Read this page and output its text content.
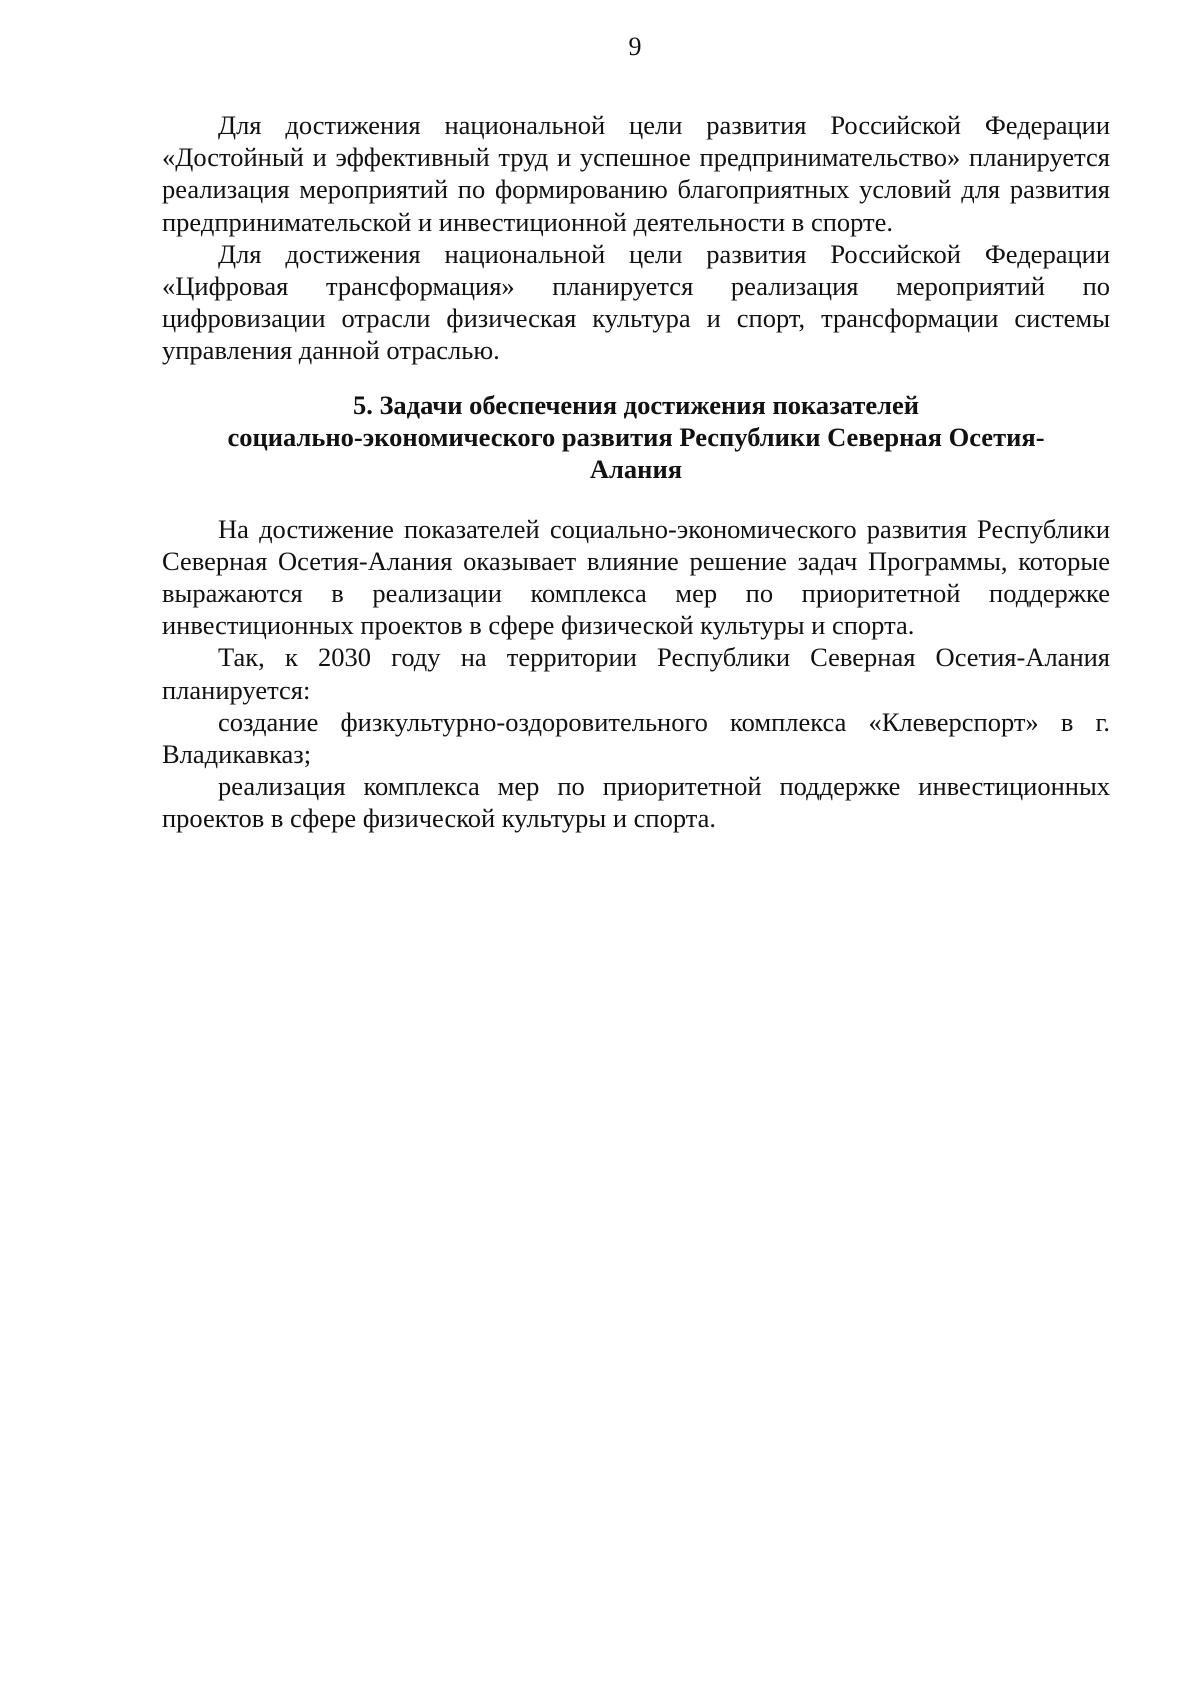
9

Для достижения национальной цели развития Российской Федерации «Достойный и эффективный труд и успешное предпринимательство» планируется реализация мероприятий по формированию благоприятных условий для развития предпринимательской и инвестиционной деятельности в спорте.

Для достижения национальной цели развития Российской Федерации «Цифровая трансформация» планируется реализация мероприятий по цифровизации отрасли физическая культура и спорт, трансформации системы управления данной отраслью.

5. Задачи обеспечения достижения показателей
социально-экономического развития Республики Северная Осетия-
Алания

На достижение показателей социально-экономического развития Республики Северная Осетия-Алания оказывает влияние решение задач Программы, которые выражаются в реализации комплекса мер по приоритетной поддержке инвестиционных проектов в сфере физической культуры и спорта.

Так, к 2030 году на территории Республики Северная Осетия-Алания планируется:

создание физкультурно-оздоровительного комплекса «Клеверспорт» в г. Владикавказ;

реализация комплекса мер по приоритетной поддержке инвестиционных проектов в сфере физической культуры и спорта.
